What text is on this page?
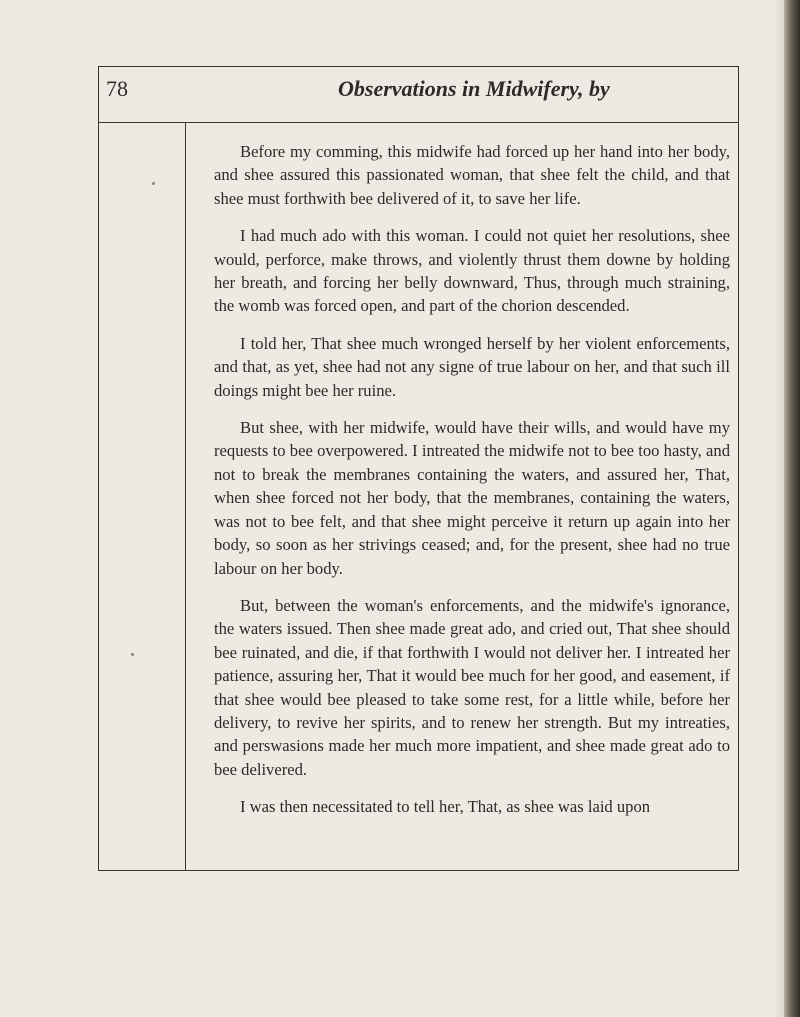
78	Observations in Midwifery, by

Before my comming, this midwife had forced up her hand into her body, and shee assured this passionated woman, that shee felt the child, and that shee must forthwith bee delivered of it, to save her life.

I had much ado with this woman. I could not quiet her resolutions, shee would, perforce, make throws, and violently thrust them downe by holding her breath, and forcing her belly downward, Thus, through much straining, the womb was forced open, and part of the chorion descended.

I told her, That shee much wronged herself by her violent enforcements, and that, as yet, shee had not any signe of true labour on her, and that such ill doings might bee her ruine.

But shee, with her midwife, would have their wills, and would have my requests to bee overpowered. I intreated the midwife not to bee too hasty, and not to break the membranes containing the waters, and assured her, That, when shee forced not her body, that the membranes, containing the waters, was not to bee felt, and that shee might perceive it return up again into her body, so soon as her strivings ceased; and, for the present, shee had no true labour on her body.

But, between the woman's enforcements, and the midwife's ignorance, the waters issued. Then shee made great ado, and cried out, That shee should bee ruinated, and die, if that forthwith I would not deliver her. I intreated her patience, assuring her, That it would bee much for her good, and easement, if that shee would bee pleased to take some rest, for a little while, before her delivery, to revive her spirits, and to renew her strength. But my intreaties, and perswasions made her much more impatient, and shee made great ado to bee delivered.

I was then necessitated to tell her, That, as shee was laid upon
